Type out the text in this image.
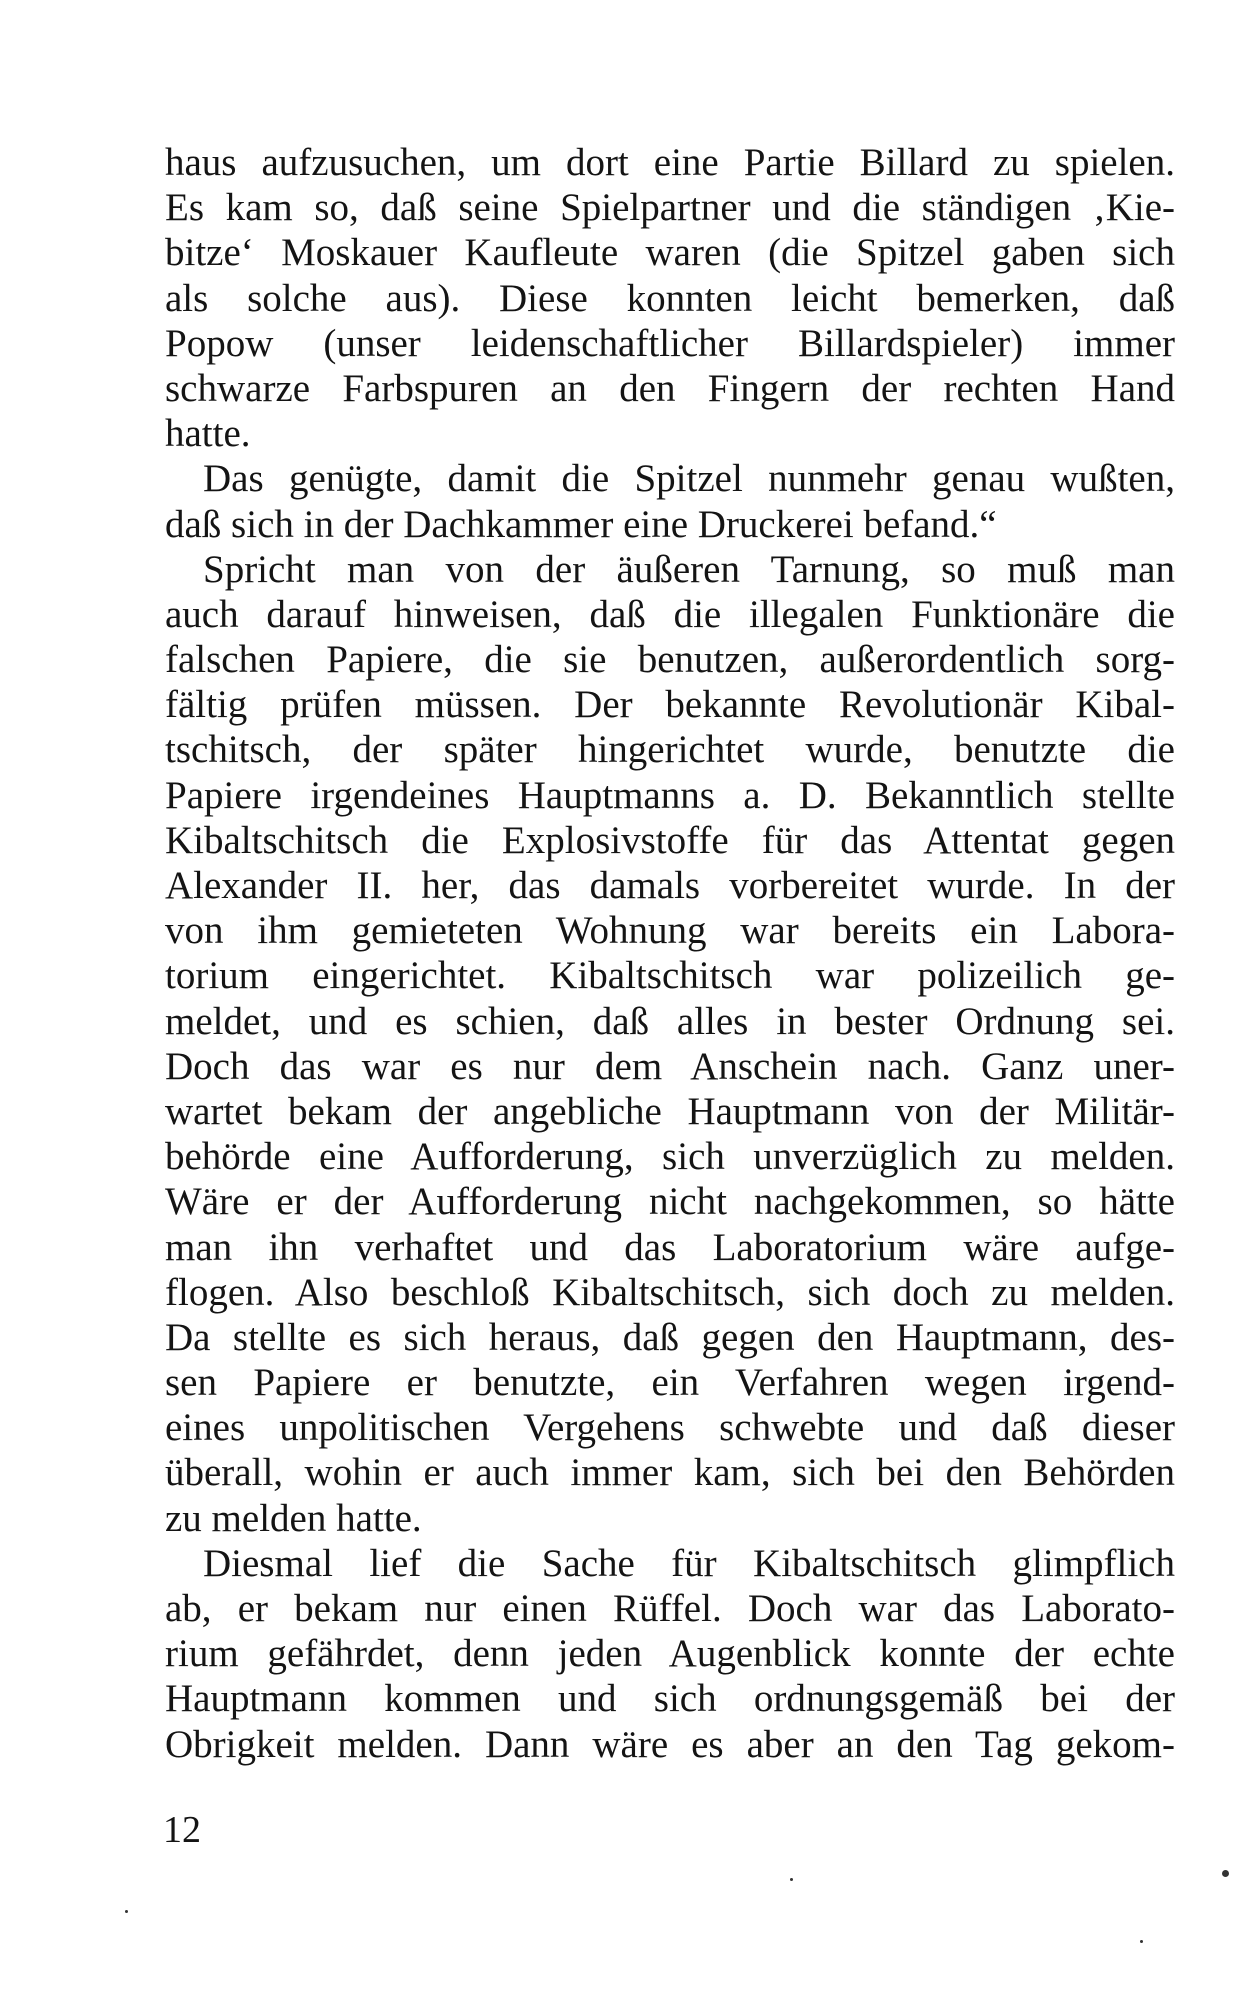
haus aufzusuchen, um dort eine Partie Billard zu spielen.
Es kam so, daß seine Spielpartner und die ständigen ‚Kie-
bitze‘ Moskauer Kaufleute waren (die Spitzel gaben sich
als solche aus). Diese konnten leicht bemerken, daß
Popow (unser leidenschaftlicher Billardspieler) immer
schwarze Farbspuren an den Fingern der rechten Hand
hatte.
Das genügte, damit die Spitzel nunmehr genau wußten,
daß sich in der Dachkammer eine Druckerei befand.“
Spricht man von der äußeren Tarnung, so muß man
auch darauf hinweisen, daß die illegalen Funktionäre die
falschen Papiere, die sie benutzen, außerordentlich sorg-
fältig prüfen müssen. Der bekannte Revolutionär Kibal-
tschitsch, der später hingerichtet wurde, benutzte die
Papiere irgendeines Hauptmanns a. D. Bekanntlich stellte
Kibaltschitsch die Explosivstoffe für das Attentat gegen
Alexander II. her, das damals vorbereitet wurde. In der
von ihm gemieteten Wohnung war bereits ein Labora-
torium eingerichtet. Kibaltschitsch war polizeilich ge-
meldet, und es schien, daß alles in bester Ordnung sei.
Doch das war es nur dem Anschein nach. Ganz uner-
wartet bekam der angebliche Hauptmann von der Militär-
behörde eine Aufforderung, sich unverzüglich zu melden.
Wäre er der Aufforderung nicht nachgekommen, so hätte
man ihn verhaftet und das Laboratorium wäre aufge-
flogen. Also beschloß Kibaltschitsch, sich doch zu melden.
Da stellte es sich heraus, daß gegen den Hauptmann, des-
sen Papiere er benutzte, ein Verfahren wegen irgend-
eines unpolitischen Vergehens schwebte und daß dieser
überall, wohin er auch immer kam, sich bei den Behörden
zu melden hatte.
Diesmal lief die Sache für Kibaltschitsch glimpflich
ab, er bekam nur einen Rüffel. Doch war das Laborato-
rium gefährdet, denn jeden Augenblick konnte der echte
Hauptmann kommen und sich ordnungsgemäß bei der
Obrigkeit melden. Dann wäre es aber an den Tag gekom-
12
